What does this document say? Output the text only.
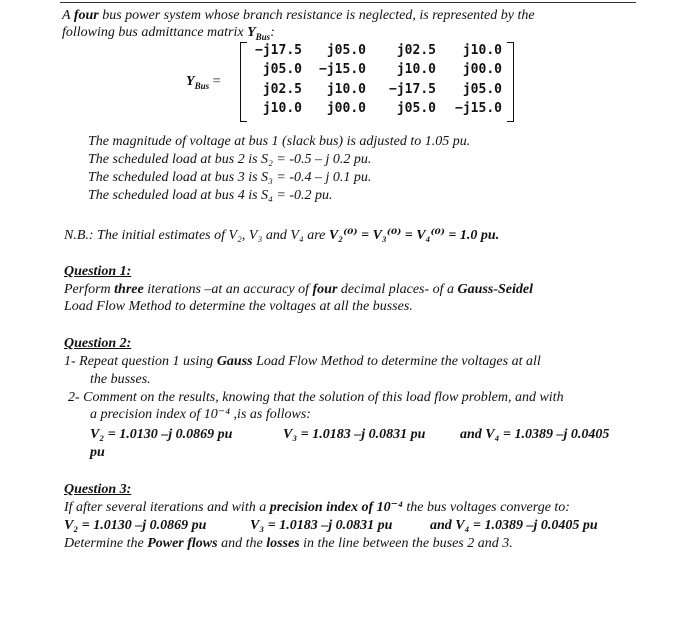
A four bus power system whose branch resistance is neglected, is represented by the
following bus admittance matrix $Y_{Bus}$:
$Y_{Bus}$ =
−j17.5	j05.0	j02.5	j10.0
j05.0	−j15.0	j10.0	j00.0
j02.5	j10.0	−j17.5	j05.0
j10.0	j00.0	j05.0	−j15.0
The magnitude of voltage at bus 1 (slack bus) is adjusted to 1.05 pu.
The scheduled load at bus 2 is S₂ = -0.5 – j 0.2 pu.
The scheduled load at bus 3 is S₃ = -0.4 – j 0.1 pu.
The scheduled load at bus 4 is S₄ = -0.2 pu.
N.B.: The initial estimates of V₂, V₃ and V₄ are V₂⁽⁰⁾ = V₃⁽⁰⁾ = V₄⁽⁰⁾ = 1.0 pu.
Question 1:
Perform three iterations –at an accuracy of four decimal places- of a Gauss-Seidel
Load Flow Method to determine the voltages at all the busses.
Question 2:
1- Repeat question 1 using Gauss Load Flow Method to determine the voltages at all
the busses.
2- Comment on the results, knowing that the solution of this load flow problem, and with
a precision index of 10⁻⁴ ,is as follows:
V₂ = 1.0130 –j 0.0869 pu	V₃ = 1.0183 –j 0.0831 pu and V₄ = 1.0389 –j 0.0405
pu
Question 3:
If after several iterations and with a precision index of 10⁻⁴ the bus voltages converge to:
V₂ = 1.0130 –j 0.0869 pu	V₃ = 1.0183 –j 0.0831 pu	and V₄ = 1.0389 –j 0.0405 pu
Determine the Power flows and the losses in the line between the buses 2 and 3.
